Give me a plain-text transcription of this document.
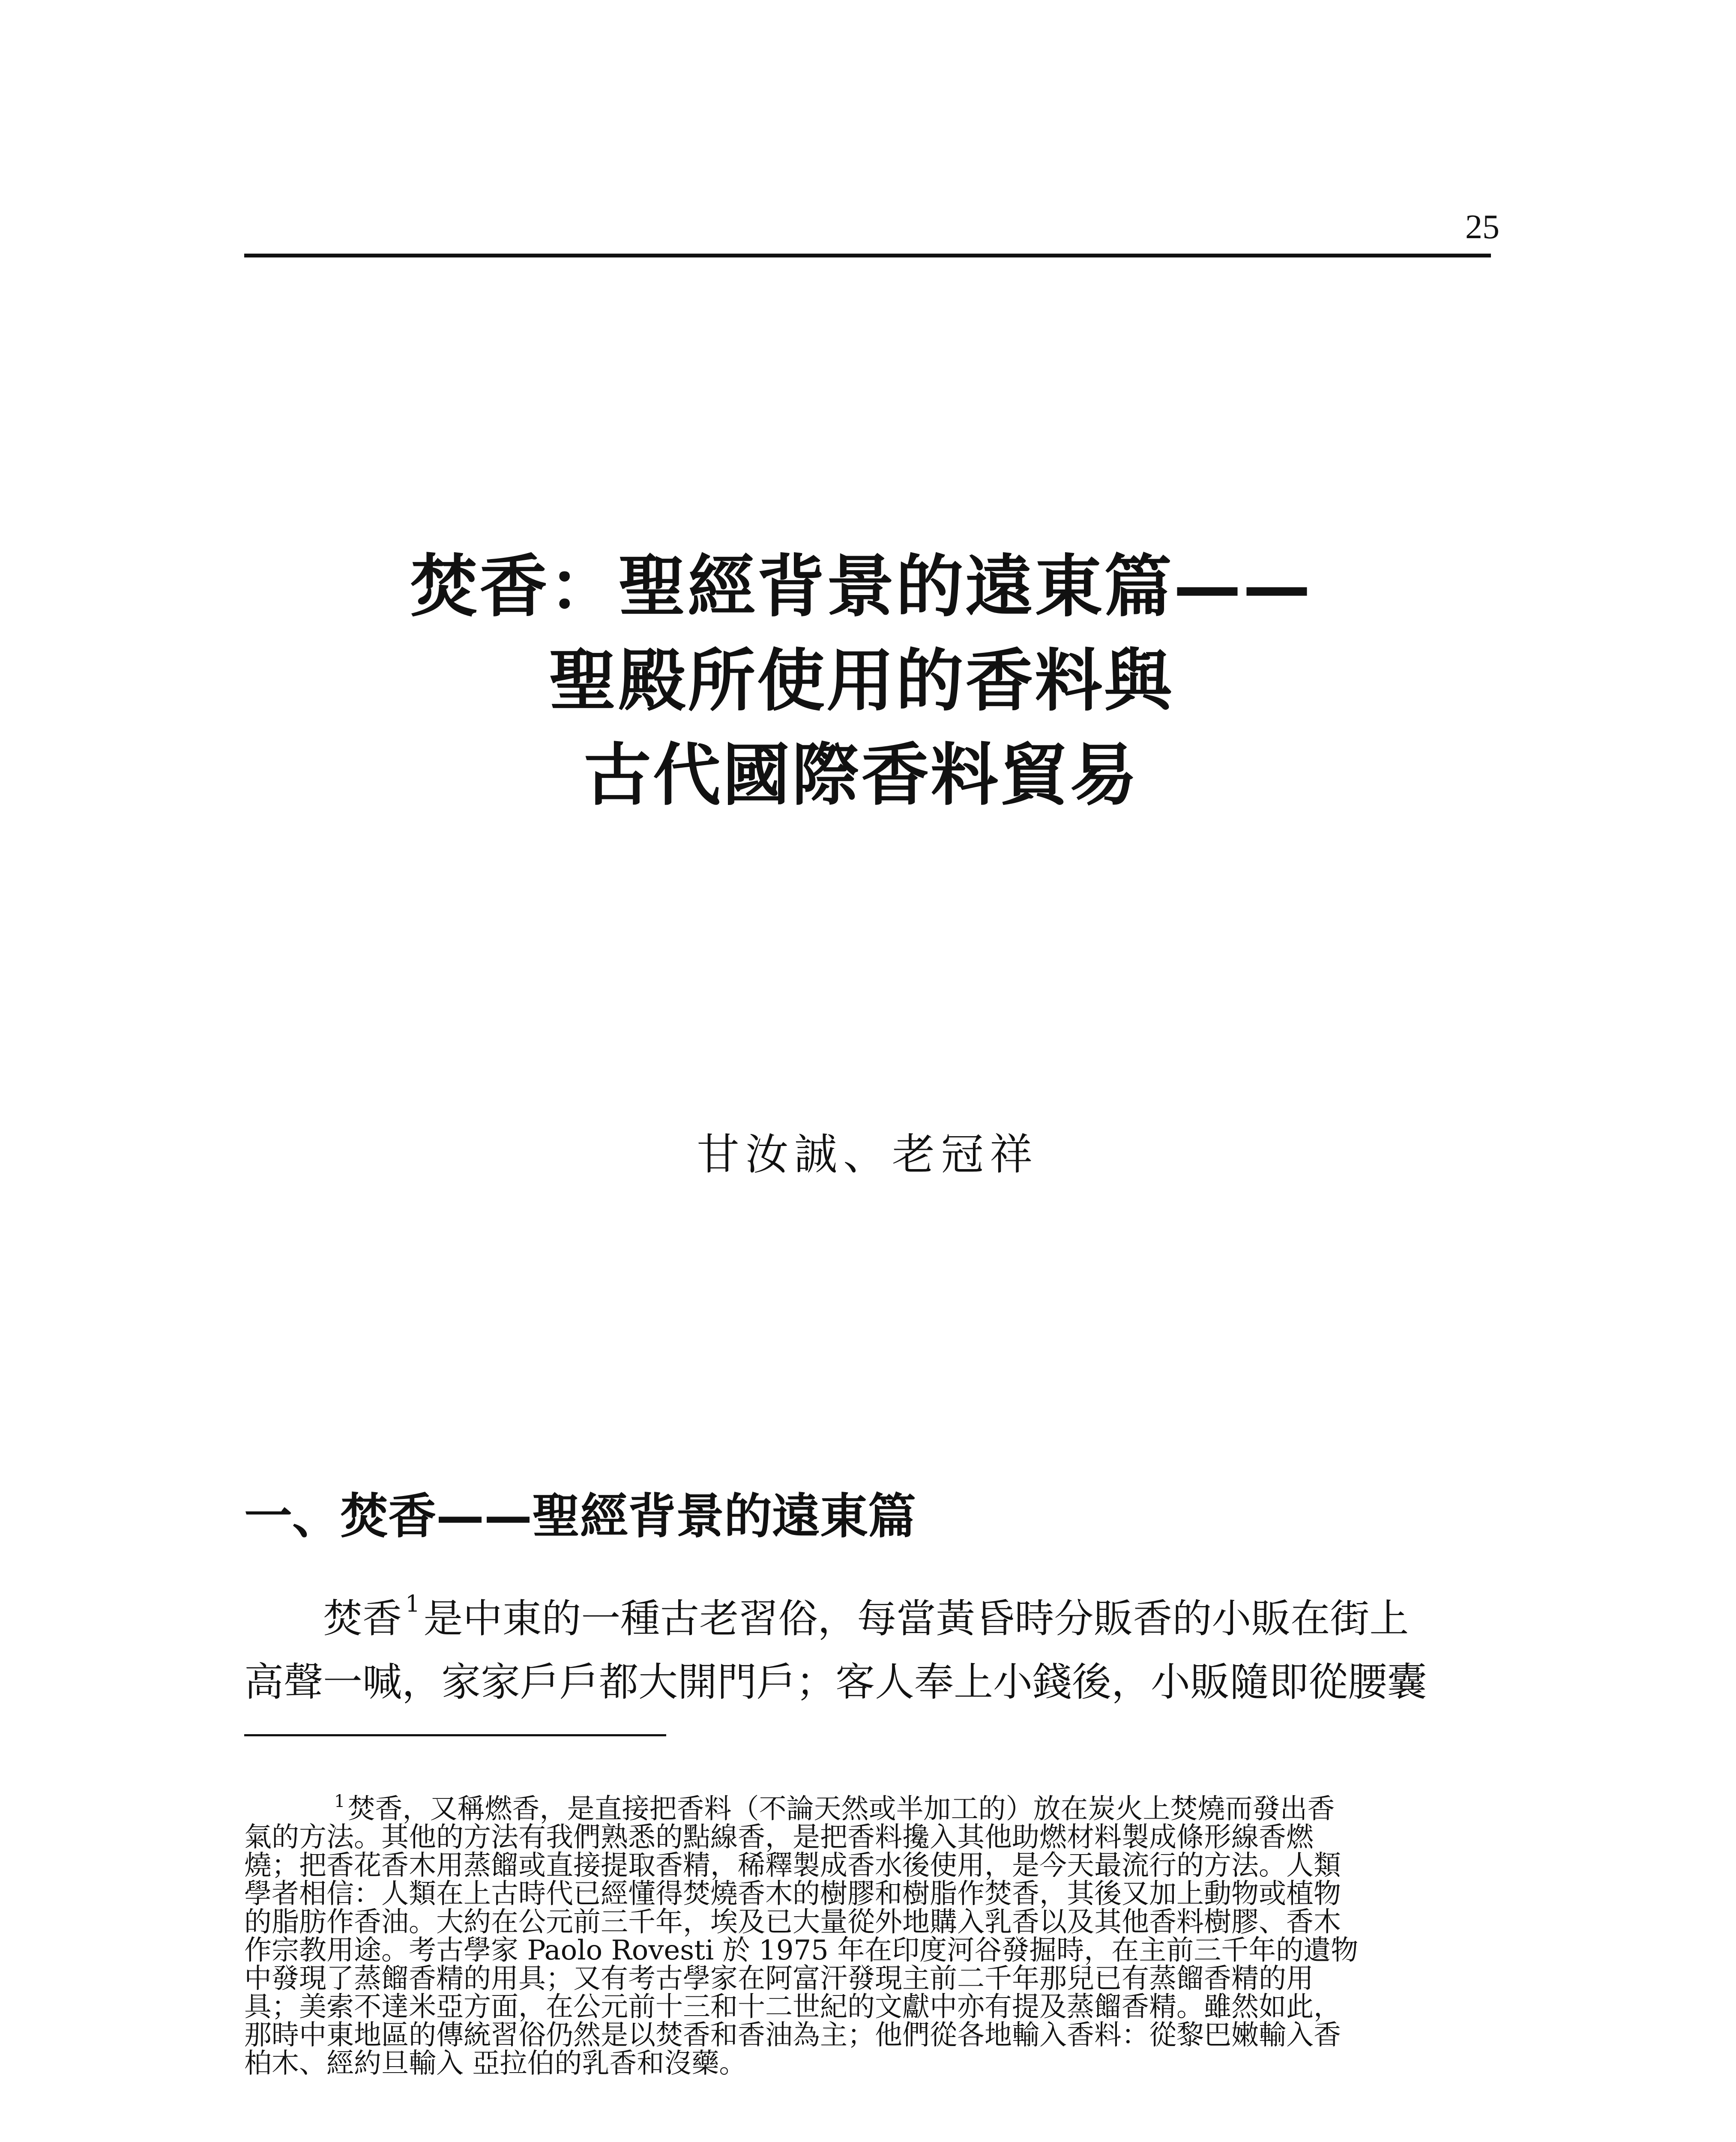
25
焚香：聖經背景的遠東篇——
聖殿所使用的香料與
古代國際香料貿易
甘汝誠、老冠祥
一、焚香——聖經背景的遠東篇
焚香 $^1$是中東的一種古老習俗，每當黃昏時分販香的小販在街上
高聲一喊，家家戶戶都大開門戶；客人奉上小錢後，小販隨即從腰囊
$^1$焚香，又稱燃香，是直接把香料（不論天然或半加工的）放在炭火上焚燒而發出香
氣的方法。其他的方法有我們熟悉的點線香，是把香料攙入其他助燃材料製成條形線香燃
燒；把香花香木用蒸餾或直接提取香精，稀釋製成香水後使用，是今天最流行的方法。人類
學者相信：人類在上古時代已經懂得焚燒香木的樹膠和樹脂作焚香，其後又加上動物或植物
的脂肪作香油。大約在公元前三千年，埃及已大量從外地購入乳香以及其他香料樹膠、香木
作宗教用途。考古學家 Paolo Rovesti 於 1975 年在印度河谷發掘時，在主前三千年的遺物
中發現了蒸餾香精的用具；又有考古學家在阿富汗發現主前二千年那兒已有蒸餾香精的用
具；美索不達米亞方面，在公元前十三和十二世紀的文獻中亦有提及蒸餾香精。雖然如此，
那時中東地區的傳統習俗仍然是以焚香和香油為主；他們從各地輸入香料：從黎巴嫩輸入香
柏木、經約旦輸入 亞拉伯的乳香和沒藥。
